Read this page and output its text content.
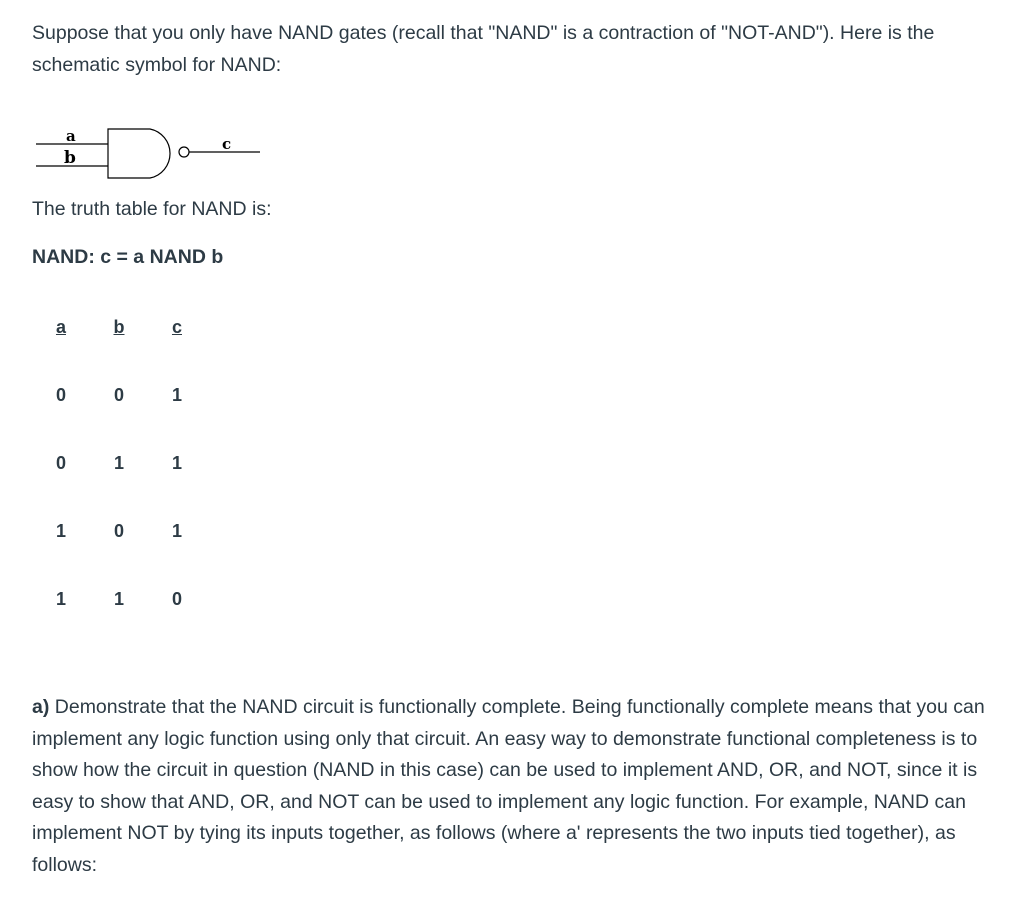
Suppose that you only have NAND gates (recall that "NAND" is a contraction of "NOT-AND"). Here is the schematic symbol for NAND:

a
b
c

The truth table for NAND is:

NAND: c = a NAND b

a	b	c
0	0	1
0	1	1
1	0	1
1	1	0

a) Demonstrate that the NAND circuit is functionally complete. Being functionally complete means that you can implement any logic function using only that circuit. An easy way to demonstrate functional completeness is to show how the circuit in question (NAND in this case) can be used to implement AND, OR, and NOT, since it is easy to show that AND, OR, and NOT can be used to implement any logic function. For example, NAND can implement NOT by tying its inputs together, as follows (where a' represents the two inputs tied together), as follows:
